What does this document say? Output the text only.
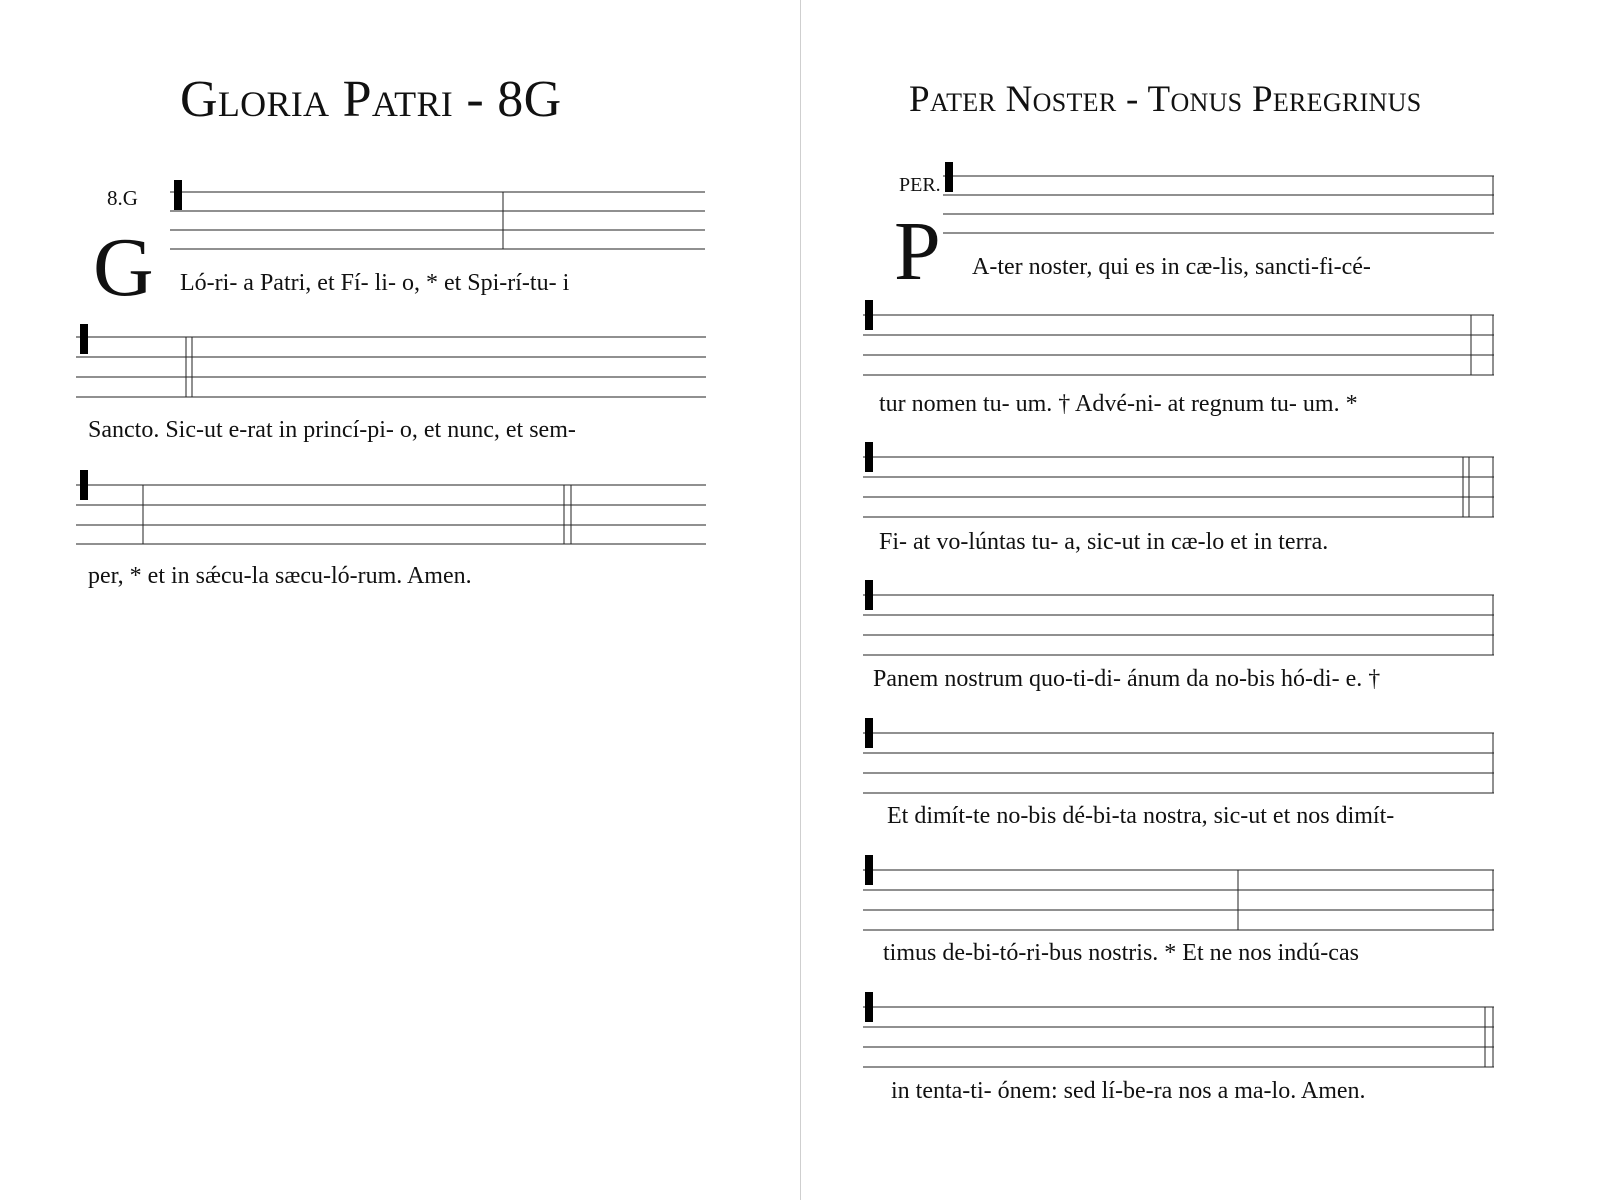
Gloria Patri - 8G
8.G
G Ló-ri- a Patri, et Fí- li- o, * et Spi-rí-tu- i
Sancto. Sic-ut e-rat in princí-pi- o, et nunc, et sem-
per, * et in sǽcu-la sæcu-ló-rum. Amen.
Pater Noster - Tonus Peregrinus
PER.
P A-ter noster, qui es in cæ-lis, sancti-fi-cé-
tur nomen tu- um. † Advé-ni- at regnum tu- um. *
Fi- at vo-lúntas tu- a, sic-ut in cæ-lo et in terra.
Panem nostrum quo-ti-di- ánum da no-bis hó-di- e. †
Et dimít-te no-bis dé-bi-ta nostra, sic-ut et nos dimít-
timus de-bi-tó-ri-bus nostris. * Et ne nos indú-cas
in tenta-ti- ónem: sed lí-be-ra nos a ma-lo. Amen.
